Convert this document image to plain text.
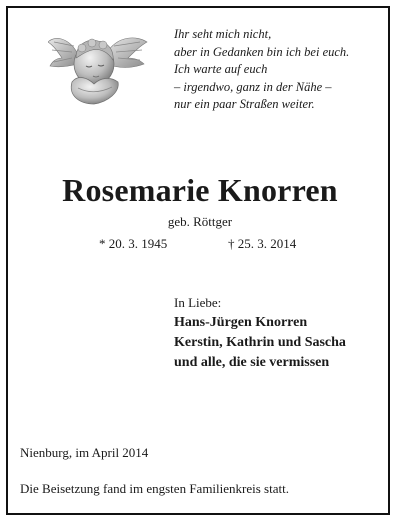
Ihr seht mich nicht,
aber in Gedanken bin ich bei euch.
Ich warte auf euch
– irgendwo, ganz in der Nähe –
nur ein paar Straßen weiter.
Rosemarie Knorren
geb. Röttger
* 20. 3. 1945	† 25. 3. 2014
In Liebe:
Hans-Jürgen Knorren
Kerstin, Kathrin und Sascha
und alle, die sie vermissen
Nienburg, im April 2014
Die Beisetzung fand im engsten Familienkreis statt.
